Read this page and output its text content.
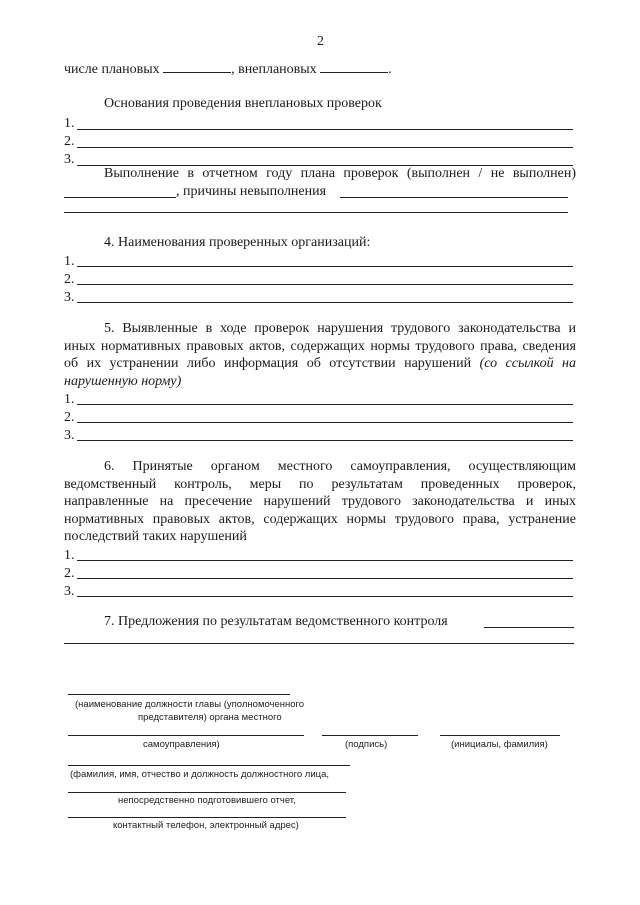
2
числе плановых	, внеплановых	.
Основания проведения внеплановых проверок
1.
2.
3.
Выполнение в отчетном году плана проверок (выполнен / не выполнен)
, причины невыполнения
4. Наименования проверенных организаций:
1.
2.
3.
5. Выявленные в ходе проверок нарушения трудового законодательства и иных нормативных правовых актов, содержащих нормы трудового права, сведения об их устранении либо информация об отсутствии нарушений (со ссылкой на нарушенную норму)
1.
2.
3.
6. Принятые органом местного самоуправления, осуществляющим ведомственный контроль, меры по результатам проведенных проверок, направленные на пресечение нарушений трудового законодательства и иных нормативных правовых актов, содержащих нормы трудового права, устранение последствий таких нарушений
1.
2.
3.
7. Предложения по результатам ведомственного контроля
(наименование должности главы (уполномоченного
представителя) органа местного
самоуправления)	(подпись)	(инициалы, фамилия)
(фамилия, имя, отчество и должность должностного лица,
непосредственно подготовившего отчет,
контактный телефон, электронный адрес)
